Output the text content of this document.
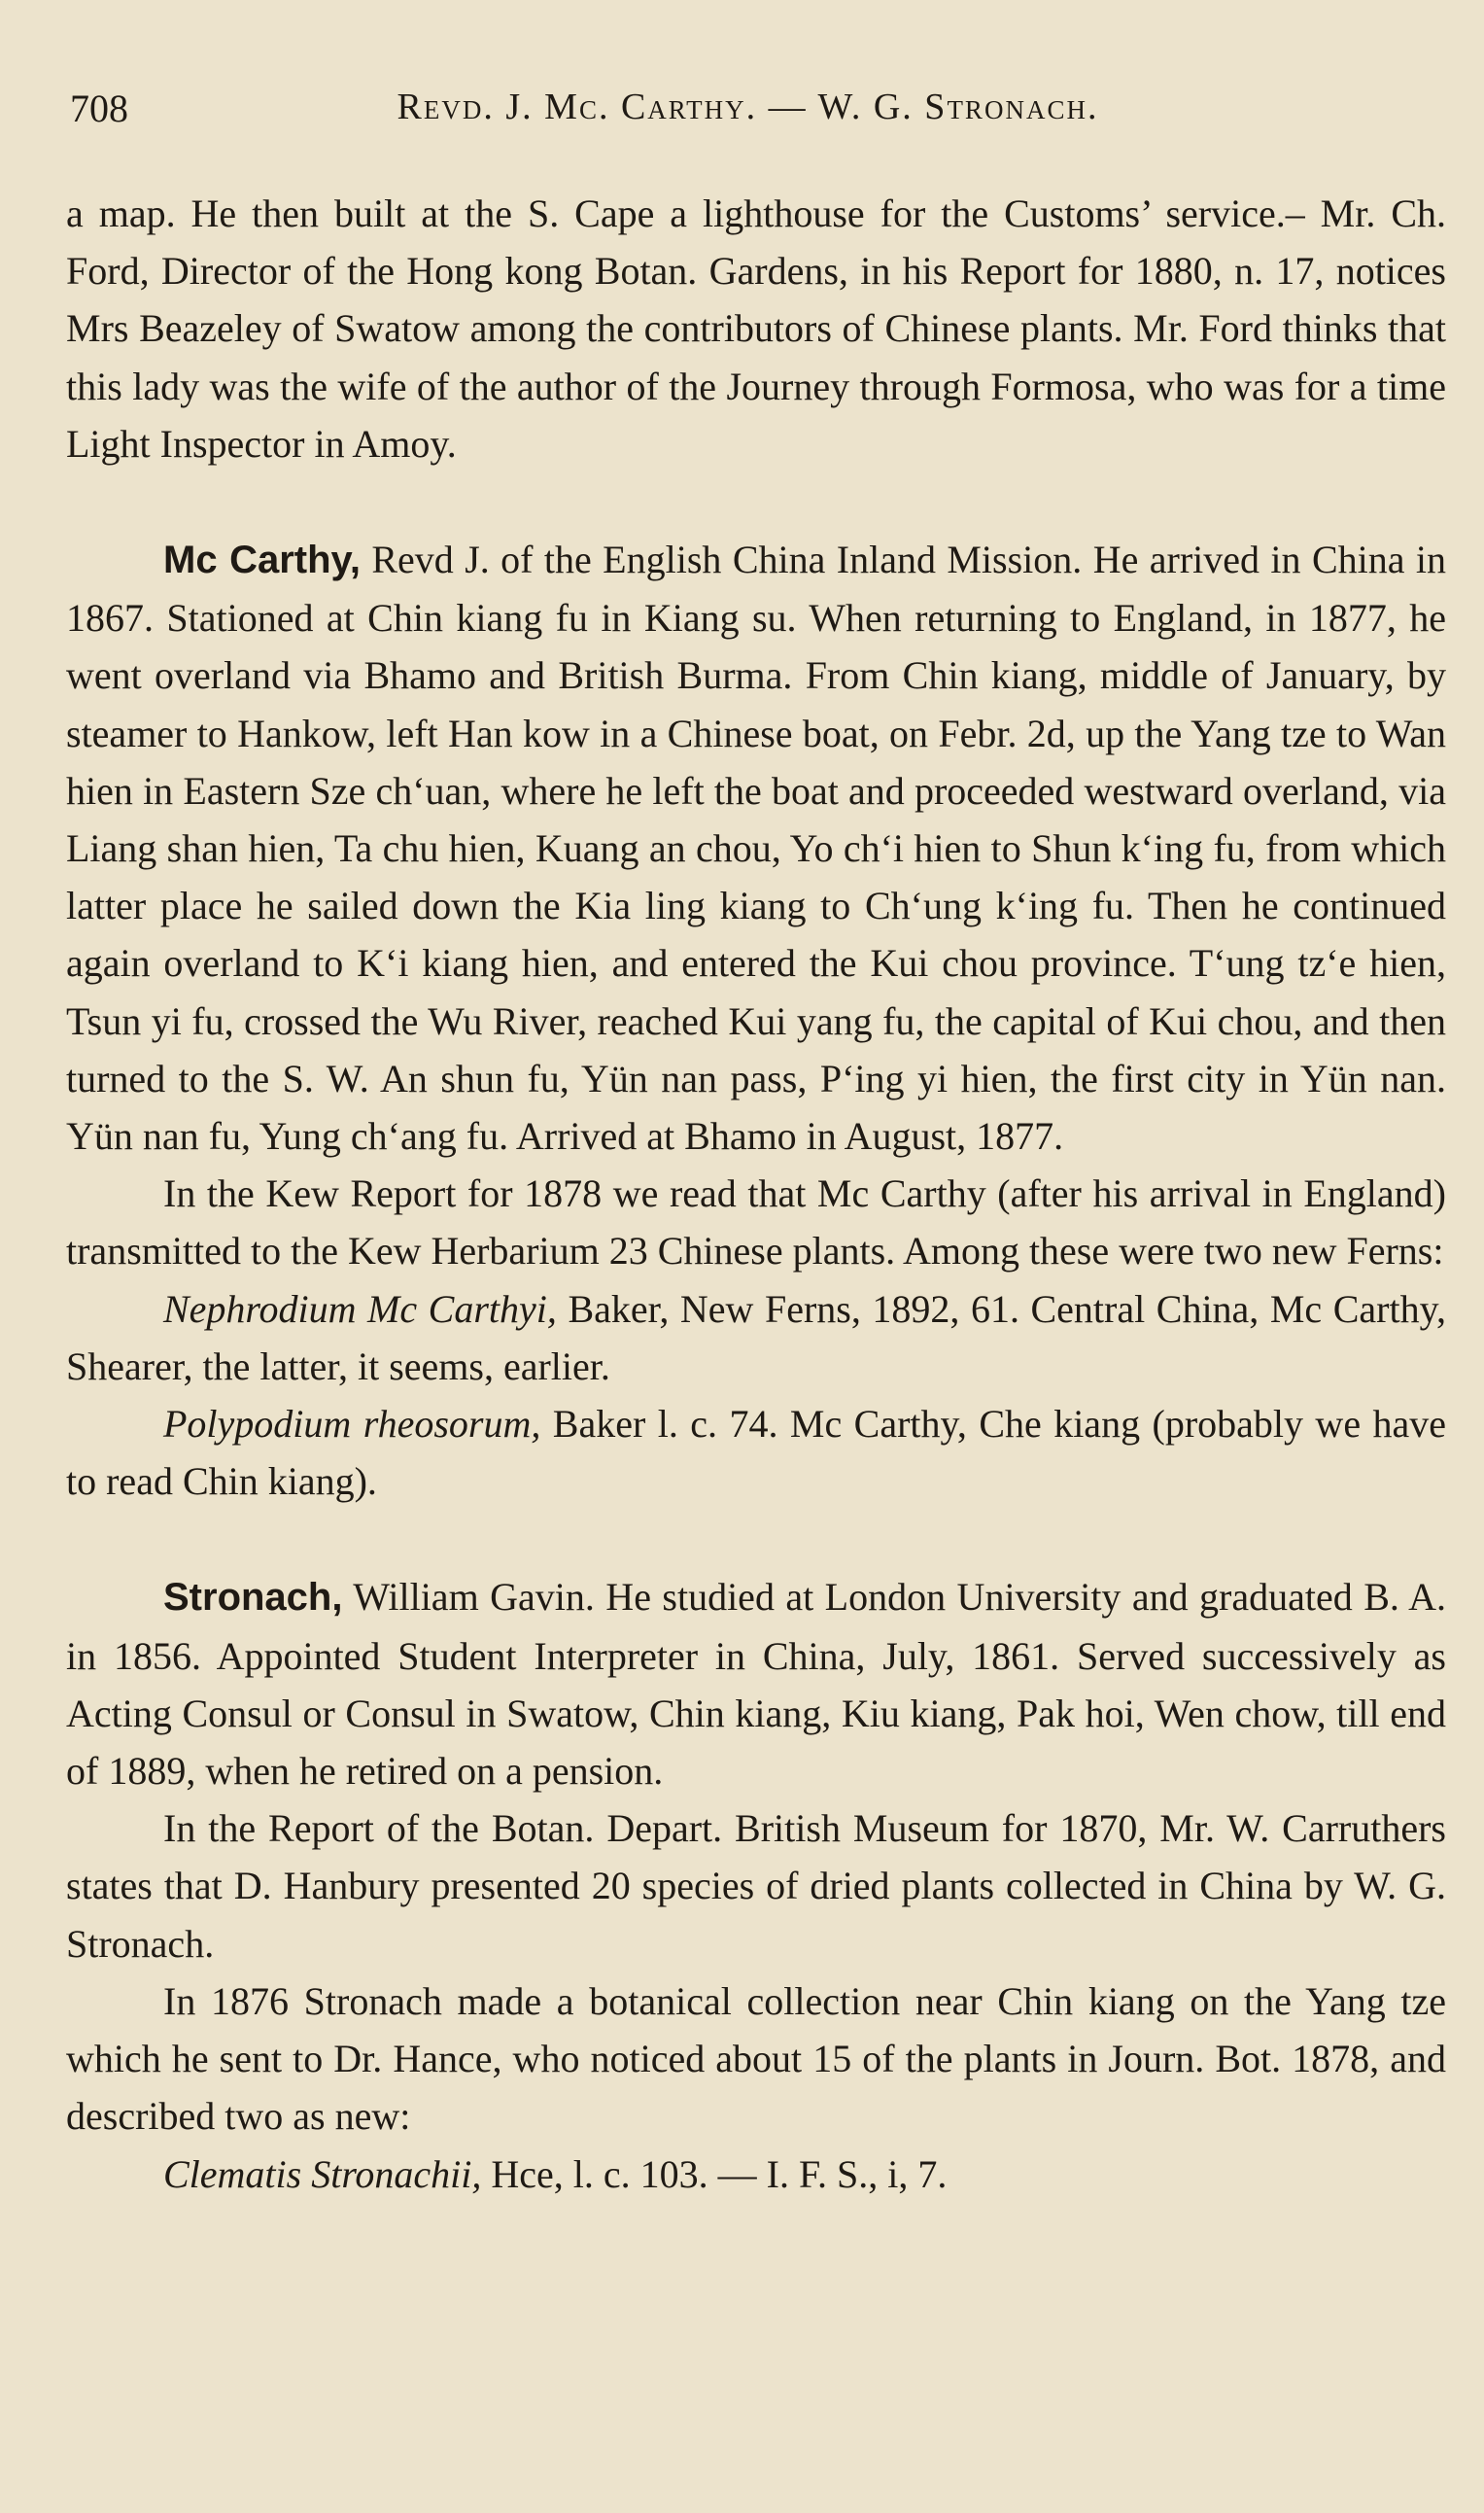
708	Revd. J. Mc. Carthy. — W. G. Stronach.

a map. He then built at the S. Cape a lighthouse for the Customs’ service.– Mr. Ch. Ford, Director of the Hong kong Botan. Gardens, in his Report for 1880, n. 17, notices Mrs Beazeley of Swatow among the contributors of Chinese plants. Mr. Ford thinks that this lady was the wife of the author of the Journey through Formosa, who was for a time Light Inspector in Amoy.

Mc Carthy, Revd J. of the English China Inland Mission. He arrived in China in 1867. Stationed at Chin kiang fu in Kiang su. When returning to England, in 1877, he went overland via Bhamo and British Burma. From Chin kiang, middle of January, by steamer to Hankow, left Han kow in a Chinese boat, on Febr. 2d, up the Yang tze to Wan hien in Eastern Sze chʻuan, where he left the boat and proceeded westward overland, via Liang shan hien, Ta chu hien, Kuang an chou, Yo chʻi hien to Shun kʻing fu, from which latter place he sailed down the Kia ling kiang to Chʻung kʻing fu. Then he continued again overland to Kʻi kiang hien, and entered the Kui chou province. Tʻung tzʻe hien, Tsun yi fu, crossed the Wu River, reached Kui yang fu, the capital of Kui chou, and then turned to the S. W. An shun fu, Yün nan pass, Pʻing yi hien, the first city in Yün nan. Yün nan fu, Yung chʻang fu. Arrived at Bhamo in August, 1877.

In the Kew Report for 1878 we read that Mc Carthy (after his arrival in England) transmitted to the Kew Herbarium 23 Chinese plants. Among these were two new Ferns:

Nephrodium Mc Carthyi, Baker, New Ferns, 1892, 61. Central China, Mc Carthy, Shearer, the latter, it seems, earlier.

Polypodium rheosorum, Baker l. c. 74. Mc Carthy, Che kiang (probably we have to read Chin kiang).

Stronach, William Gavin. He studied at London University and graduated B. A. in 1856. Appointed Student Interpreter in China, July, 1861. Served successively as Acting Consul or Consul in Swatow, Chin kiang, Kiu kiang, Pak hoi, Wen chow, till end of 1889, when he retired on a pension.

In the Report of the Botan. Depart. British Museum for 1870, Mr. W. Carruthers states that D. Hanbury presented 20 species of dried plants collected in China by W. G. Stronach.

In 1876 Stronach made a botanical collection near Chin kiang on the Yang tze which he sent to Dr. Hance, who noticed about 15 of the plants in Journ. Bot. 1878, and described two as new:

Clematis Stronachii, Hce, l. c. 103. — I. F. S., i, 7.
